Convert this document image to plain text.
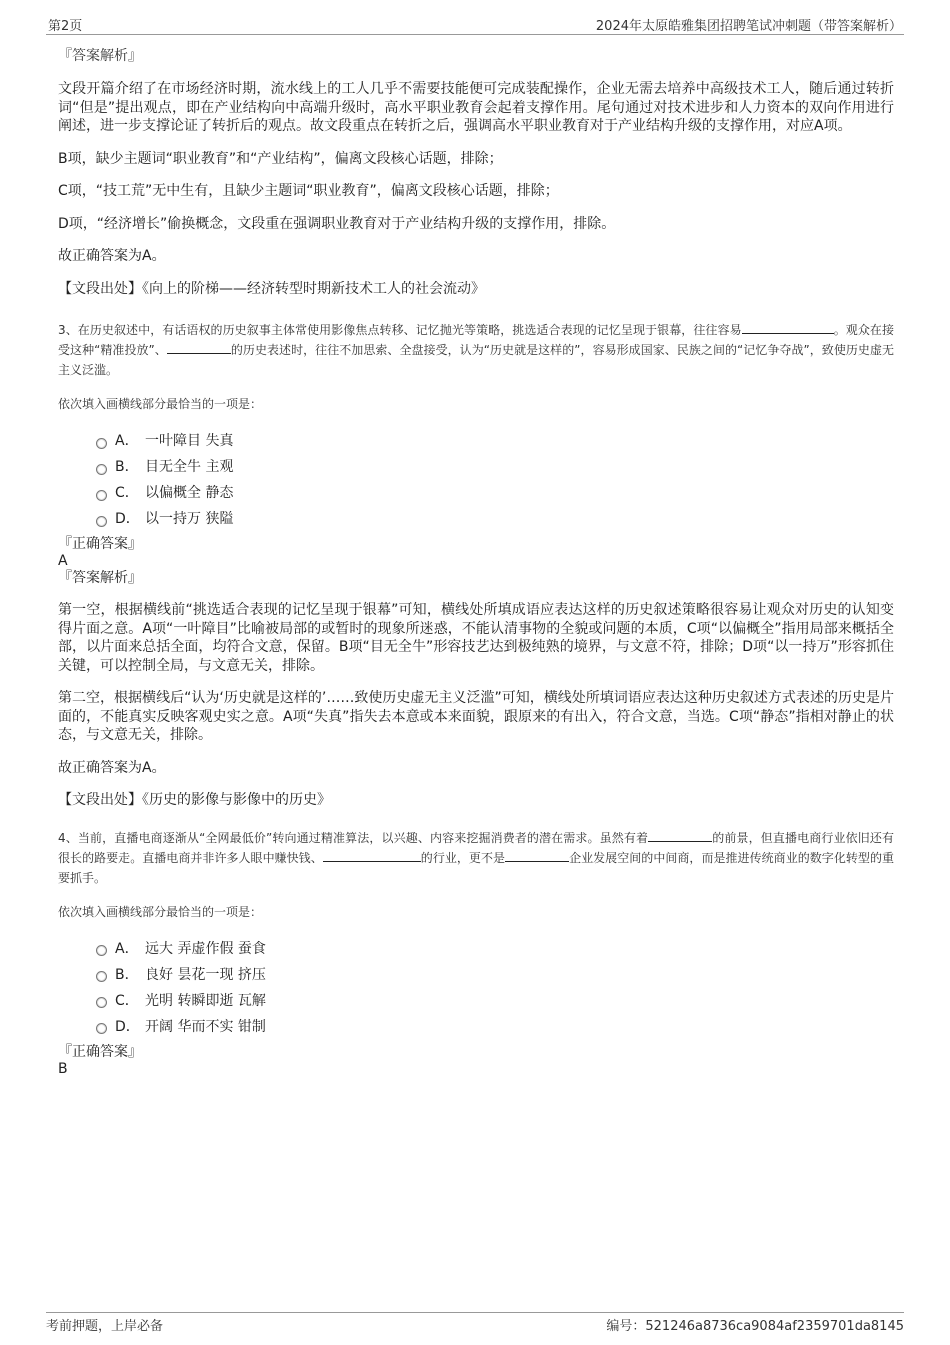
第2页	2024年太原皓雅集团招聘笔试冲刺题（带答案解析）

『答案解析』

文段开篇介绍了在市场经济时期，流水线上的工人几乎不需要技能便可完成装配操作，企业无需去培养中高级技术工人，随后通过转折词“但是”提出观点，即在产业结构向中高端升级时，高水平职业教育会起着支撑作用。尾句通过对技术进步和人力资本的双向作用进行阐述，进一步支撑论证了转折后的观点。故文段重点在转折之后，强调高水平职业教育对于产业结构升级的支撑作用，对应A项。

B项，缺少主题词“职业教育”和“产业结构”，偏离文段核心话题，排除；

C项，“技工荒”无中生有，且缺少主题词“职业教育”，偏离文段核心话题，排除；

D项，“经济增长”偷换概念，文段重在强调职业教育对于产业结构升级的支撑作用，排除。

故正确答案为A。

【文段出处】《向上的阶梯——经济转型时期新技术工人的社会流动》

3、在历史叙述中，有话语权的历史叙事主体常使用影像焦点转移、记忆抛光等策略，挑选适合表现的记忆呈现于银幕，往往容易	。观众在接受这种“精准投放”、	的历史表述时，往往不加思索、全盘接受，认为“历史就是这样的”，容易形成国家、民族之间的“记忆争夺战”，致使历史虚无主义泛滥。

依次填入画横线部分最恰当的一项是：

A． 一叶障目 失真
B． 目无全牛 主观
C． 以偏概全 静态
D． 以一持万 狭隘

『正确答案』

A

『答案解析』

第一空，根据横线前“挑选适合表现的记忆呈现于银幕”可知，横线处所填成语应表达这样的历史叙述策略很容易让观众对历史的认知变得片面之意。A项“一叶障目”比喻被局部的或暂时的现象所迷惑，不能认清事物的全貌或问题的本质，C项“以偏概全”指用局部来概括全部，以片面来总括全面，均符合文意，保留。B项“目无全牛”形容技艺达到极纯熟的境界，与文意不符，排除；D项“以一持万”形容抓住关键，可以控制全局，与文意无关，排除。

第二空，根据横线后“认为‘历史就是这样的’……致使历史虚无主义泛滥”可知，横线处所填词语应表达这种历史叙述方式表述的历史是片面的，不能真实反映客观史实之意。A项“失真”指失去本意或本来面貌，跟原来的有出入，符合文意，当选。C项“静态”指相对静止的状态，与文意无关，排除。

故正确答案为A。

【文段出处】《历史的影像与影像中的历史》

4、当前，直播电商逐渐从“全网最低价”转向通过精准算法，以兴趣、内容来挖掘消费者的潜在需求。虽然有着	的前景，但直播电商行业依旧还有很长的路要走。直播电商并非许多人眼中赚快钱、	的行业，更不是	企业发展空间的中间商，而是推进传统商业的数字化转型的重要抓手。

依次填入画横线部分最恰当的一项是：

A． 远大 弄虚作假 蚕食
B． 良好 昙花一现 挤压
C． 光明 转瞬即逝 瓦解
D． 开阔 华而不实 钳制

『正确答案』

B

考前押题，上岸必备	编号：521246a8736ca9084af2359701da8145
